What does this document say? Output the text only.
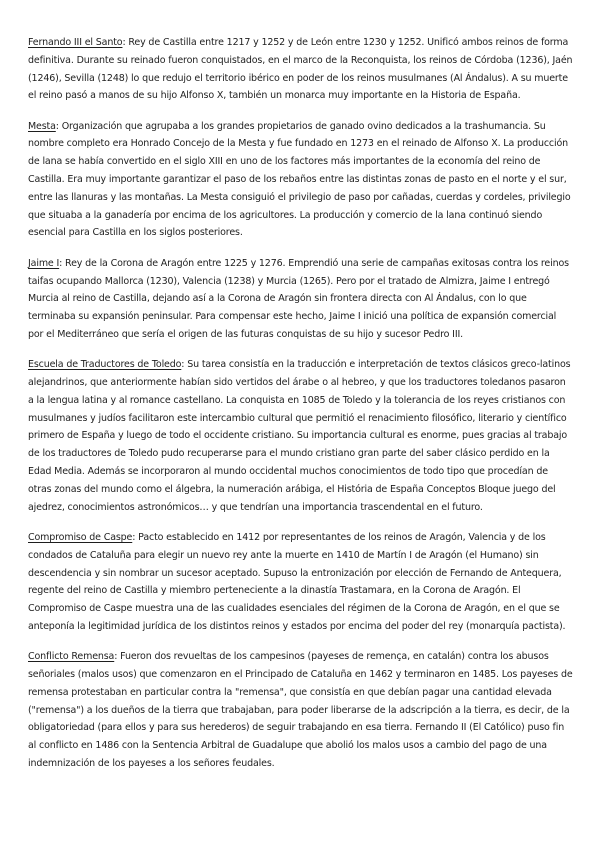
Fernando III el Santo: Rey de Castilla entre 1217 y 1252 y de León entre 1230 y 1252. Unificó ambos reinos de forma definitiva. Durante su reinado fueron conquistados, en el marco de la Reconquista, los reinos de Córdoba (1236), Jaén (1246), Sevilla (1248) lo que redujo el territorio ibérico en poder de los reinos musulmanes (Al Ándalus). A su muerte el reino pasó a manos de su hijo Alfonso X, también un monarca muy importante en la Historia de España.

Mesta: Organización que agrupaba a los grandes propietarios de ganado ovino dedicados a la trashumancia. Su nombre completo era Honrado Concejo de la Mesta y fue fundado en 1273 en el reinado de Alfonso X. La producción de lana se había convertido en el siglo XIII en uno de los factores más importantes de la economía del reino de Castilla. Era muy importante garantizar el paso de los rebaños entre las distintas zonas de pasto en el norte y el sur, entre las llanuras y las montañas. La Mesta consiguió el privilegio de paso por cañadas, cuerdas y cordeles, privilegio que situaba a la ganadería por encima de los agricultores. La producción y comercio de la lana continuó siendo esencial para Castilla en los siglos posteriores.

Jaime I: Rey de la Corona de Aragón entre 1225 y 1276. Emprendió una serie de campañas exitosas contra los reinos taifas ocupando Mallorca (1230), Valencia (1238) y Murcia (1265). Pero por el tratado de Almizra, Jaime I entregó Murcia al reino de Castilla, dejando así a la Corona de Aragón sin frontera directa con Al Ándalus, con lo que terminaba su expansión peninsular. Para compensar este hecho, Jaime I inició una política de expansión comercial por el Mediterráneo que sería el origen de las futuras conquistas de su hijo y sucesor Pedro III.

Escuela de Traductores de Toledo: Su tarea consistía en la traducción e interpretación de textos clásicos greco-latinos alejandrinos, que anteriormente habían sido vertidos del árabe o al hebreo, y que los traductores toledanos pasaron a la lengua latina y al romance castellano. La conquista en 1085 de Toledo y la tolerancia de los reyes cristianos con musulmanes y judíos facilitaron este intercambio cultural que permitió el renacimiento filosófico, literario y científico primero de España y luego de todo el occidente cristiano. Su importancia cultural es enorme, pues gracias al trabajo de los traductores de Toledo pudo recuperarse para el mundo cristiano gran parte del saber clásico perdido en la Edad Media. Además se incorporaron al mundo occidental muchos conocimientos de todo tipo que procedían de otras zonas del mundo como el álgebra, la numeración arábiga, el História de España Conceptos Bloque juego del ajedrez, conocimientos astronómicos… y que tendrían una importancia trascendental en el futuro.

Compromiso de Caspe: Pacto establecido en 1412 por representantes de los reinos de Aragón, Valencia y de los condados de Cataluña para elegir un nuevo rey ante la muerte en 1410 de Martín I de Aragón (el Humano) sin descendencia y sin nombrar un sucesor aceptado. Supuso la entronización por elección de Fernando de Antequera, regente del reino de Castilla y miembro perteneciente a la dinastía Trastamara, en la Corona de Aragón. El Compromiso de Caspe muestra una de las cualidades esenciales del régimen de la Corona de Aragón, en el que se anteponía la legitimidad jurídica de los distintos reinos y estados por encima del poder del rey (monarquía pactista).

Conflicto Remensa: Fueron dos revueltas de los campesinos (payeses de remença, en catalán) contra los abusos señoriales (malos usos) que comenzaron en el Principado de Cataluña en 1462 y terminaron en 1485. Los payeses de remensa protestaban en particular contra la "remensa", que consistía en que debían pagar una cantidad elevada ("remensa") a los dueños de la tierra que trabajaban, para poder liberarse de la adscripción a la tierra, es decir, de la obligatoriedad (para ellos y para sus herederos) de seguir trabajando en esa tierra. Fernando II (El Católico) puso fin al conflicto en 1486 con la Sentencia Arbitral de Guadalupe que abolió los malos usos a cambio del pago de una indemnización de los payeses a los señores feudales.
